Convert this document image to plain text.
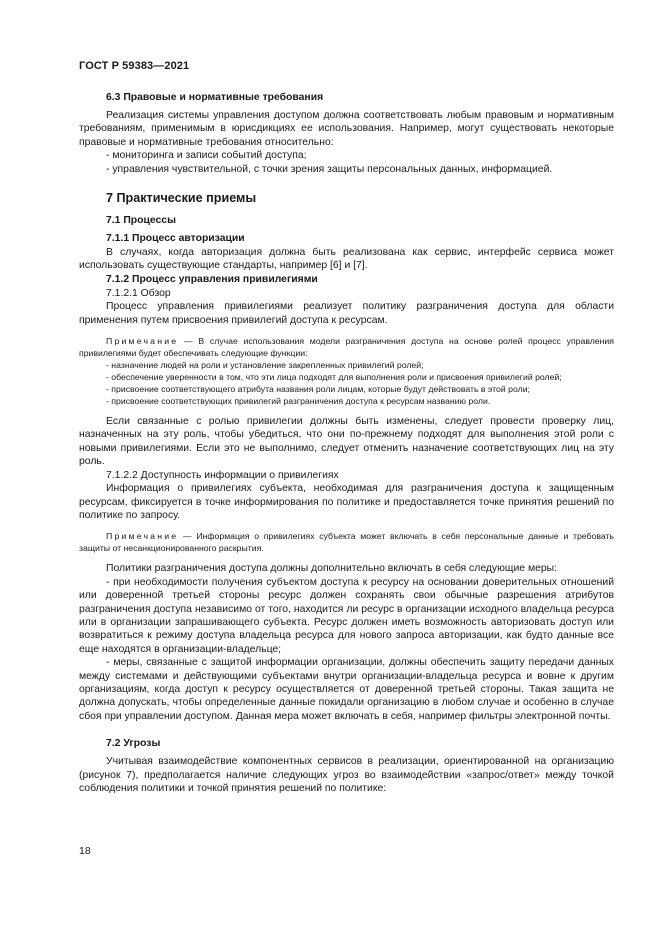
ГОСТ Р 59383—2021
6.3 Правовые и нормативные требования

Реализация системы управления доступом должна соответствовать любым правовым и нормативным требованиям, применимым в юрисдикциях ее использования. Например, могут существовать некоторые правовые и нормативные требования относительно:

- мониторинга и записи событий доступа;
- управления чувствительной, с точки зрения защиты персональных данных, информацией.
7 Практические приемы
7.1 Процессы
7.1.1 Процесс авторизации

В случаях, когда авторизация должна быть реализована как сервис, интерфейс сервиса может использовать существующие стандарты, например [6] и [7].

7.1.2 Процесс управления привилегиями
7.1.2.1 Обзор

Процесс управления привилегиями реализует политику разграничения доступа для области применения путем присвоения привилегий доступа к ресурсам.

Примечание — В случае использования модели разграничения доступа на основе ролей процесс управления привилегиями будет обеспечивать следующие функции:

- назначение людей на роли и установление закрепленных привилегий ролей;
- обеспечение уверенности в том, что эти лица подходят для выполнения роли и присвоения привилегий ролей;
- присвоение соответствующего атрибута названия роли лицам, которые будут действовать в этой роли;
- присвоение соответствующих привилегий разграничения доступа к ресурсам названию роли.

Если связанные с ролью привилегии должны быть изменены, следует провести проверку лиц, назначенных на эту роль, чтобы убедиться, что они по-прежнему подходят для выполнения этой роли с новыми привилегиями. Если это не выполнимо, следует отменить назначение соответствующих лиц на эту роль.

7.1.2.2 Доступность информации о привилегиях

Информация о привилегиях субъекта, необходимая для разграничения доступа к защищенным ресурсам, фиксируется в точке информирования по политике и предоставляется точке принятия решений по политике по запросу.

Примечание — Информация о привилегиях субъекта может включать в себя персональные данные и требовать защиты от несанкционированного раскрытия.

Политики разграничения доступа должны дополнительно включать в себя следующие меры:

- при необходимости получения субъектом доступа к ресурсу на основании доверительных отношений или доверенной третьей стороны ресурс должен сохранять свои обычные разрешения атрибутов разграничения доступа независимо от того, находится ли ресурс в организации исходного владельца ресурса или в организации запрашивающего субъекта. Ресурс должен иметь возможность авторизовать доступ или возвратиться к режиму доступа владельца ресурса для нового запроса авторизации, как будто данные все еще находятся в организации-владельце;
- меры, связанные с защитой информации организации, должны обеспечить защиту передачи данных между системами и действующими субъектами внутри организации-владельца ресурса и вовне к другим организациям, когда доступ к ресурсу осуществляется от доверенной третьей стороны. Такая защита не должна допускать, чтобы определенные данные покидали организацию в любом случае и особенно в случае сбоя при управлении доступом. Данная мера может включать в себя, например фильтры электронной почты.
7.2 Угрозы

Учитывая взаимодействие компонентных сервисов в реализации, ориентированной на организацию (рисунок 7), предполагается наличие следующих угроз во взаимодействии «запрос/ответ» между точкой соблюдения политики и точкой принятия решений по политике:

18
